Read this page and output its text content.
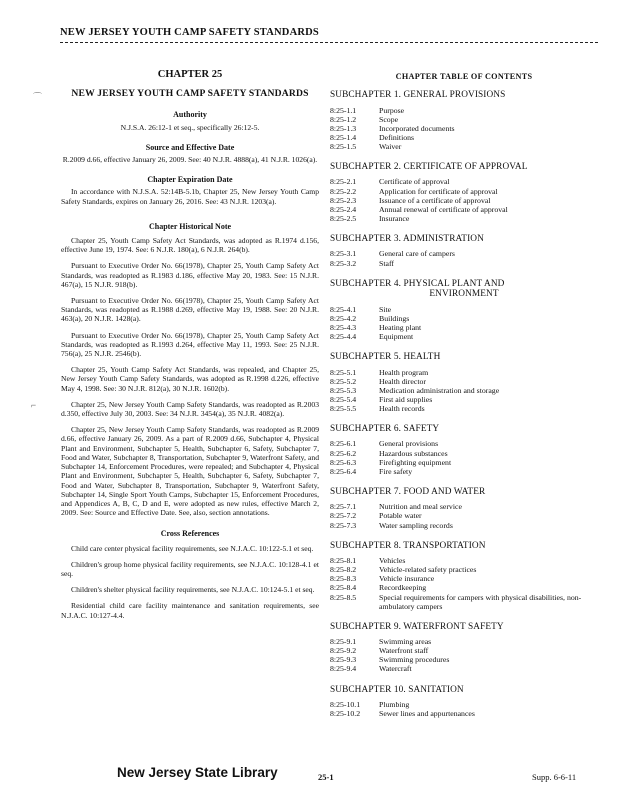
NEW JERSEY YOUTH CAMP SAFETY STANDARDS
⌒
⌐
CHAPTER 25
NEW JERSEY YOUTH CAMP SAFETY STANDARDS
Authority
N.J.S.A. 26:12-1 et seq., specifically 26:12-5.
Source and Effective Date
R.2009 d.66, effective January 26, 2009. See: 40 N.J.R. 4888(a), 41 N.J.R. 1026(a).
Chapter Expiration Date
In accordance with N.J.S.A. 52:14B-5.1b, Chapter 25, New Jersey Youth Camp Safety Standards, expires on January 26, 2016. See: 43 N.J.R. 1203(a).
Chapter Historical Note

Chapter 25, Youth Camp Safety Act Standards, was adopted as R.1974 d.156, effective June 19, 1974. See: 6 N.J.R. 180(a), 6 N.J.R. 264(b).

Pursuant to Executive Order No. 66(1978), Chapter 25, Youth Camp Safety Act Standards, was readopted as R.1983 d.186, effective May 20, 1983. See: 15 N.J.R. 467(a), 15 N.J.R. 918(b).

Pursuant to Executive Order No. 66(1978), Chapter 25, Youth Camp Safety Act Standards, was readopted as R.1988 d.269, effective May 19, 1988. See: 20 N.J.R. 463(a), 20 N.J.R. 1428(a).

Pursuant to Executive Order No. 66(1978), Chapter 25, Youth Camp Safety Act Standards, was readopted as R.1993 d.264, effective May 11, 1993. See: 25 N.J.R. 756(a), 25 N.J.R. 2546(b).

Chapter 25, Youth Camp Safety Act Standards, was repealed, and Chapter 25, New Jersey Youth Camp Safety Standards, was adopted as R.1998 d.226, effective May 4, 1998. See: 30 N.J.R. 812(a), 30 N.J.R. 1602(b).

Chapter 25, New Jersey Youth Camp Safety Standards, was readopted as R.2003 d.350, effective July 30, 2003. See: 34 N.J.R. 3454(a), 35 N.J.R. 4082(a).

Chapter 25, New Jersey Youth Camp Safety Standards, was readopted as R.2009 d.66, effective January 26, 2009. As a part of R.2009 d.66, Subchapter 4, Physical Plant and Environment, Subchapter 5, Health, Subchapter 6, Safety, Subchapter 7, Food and Water, Subchapter 8, Transportation, Subchapter 9, Waterfront Safety, and Subchapter 14, Enforcement Procedures, were repealed; and Subchapter 4, Physical Plant and Environment, Subchapter 5, Health, Subchapter 6, Safety, Subchapter 7, Food and Water, Subchapter 8, Transportation, Subchapter 9, Waterfront Safety, Subchapter 14, Single Sport Youth Camps, Subchapter 15, Enforcement Procedures, and Appendices A, B, C, D and E, were adopted as new rules, effective March 2, 2009. See: Source and Effective Date. See, also, section annotations.

Cross References

Child care center physical facility requirements, see N.J.A.C. 10:122-5.1 et seq.

Children's group home physical facility requirements, see N.J.A.C. 10:128-4.1 et seq.

Children's shelter physical facility requirements, see N.J.A.C. 10:124-5.1 et seq.

Residential child care facility maintenance and sanitation requirements, see N.J.A.C. 10:127-4.4.

CHAPTER TABLE OF CONTENTS
SUBCHAPTER 1. GENERAL PROVISIONS
8:25-1.1	Purpose
8:25-1.2	Scope
8:25-1.3	Incorporated documents
8:25-1.4	Definitions
8:25-1.5	Waiver
SUBCHAPTER 2. CERTIFICATE OF APPROVAL
8:25-2.1	Certificate of approval
8:25-2.2	Application for certificate of approval
8:25-2.3	Issuance of a certificate of approval
8:25-2.4	Annual renewal of certificate of approval
8:25-2.5	Insurance
SUBCHAPTER 3. ADMINISTRATION
8:25-3.1	General care of campers
8:25-3.2	Staff
SUBCHAPTER 4. PHYSICAL PLANT AND
ENVIRONMENT
8:25-4.1	Site
8:25-4.2	Buildings
8:25-4.3	Heating plant
8:25-4.4	Equipment
SUBCHAPTER 5. HEALTH
8:25-5.1	Health program
8:25-5.2	Health director
8:25-5.3	Medication administration and storage
8:25-5.4	First aid supplies
8:25-5.5	Health records
SUBCHAPTER 6. SAFETY
8:25-6.1	General provisions
8:25-6.2	Hazardous substances
8:25-6.3	Firefighting equipment
8:25-6.4	Fire safety
SUBCHAPTER 7. FOOD AND WATER
8:25-7.1	Nutrition and meal service
8:25-7.2	Potable water
8:25-7.3	Water sampling records
SUBCHAPTER 8. TRANSPORTATION
8:25-8.1	Vehicles
8:25-8.2	Vehicle-related safety practices
8:25-8.3	Vehicle insurance
8:25-8.4	Recordkeeping
8:25-8.5	Special requirements for campers with physical disabilities, non-ambulatory campers
SUBCHAPTER 9. WATERFRONT SAFETY
8:25-9.1	Swimming areas
8:25-9.2	Waterfront staff
8:25-9.3	Swimming procedures
8:25-9.4	Watercraft
SUBCHAPTER 10. SANITATION
8:25-10.1	Plumbing
8:25-10.2	Sewer lines and appurtenances
New Jersey State Library	25-1	Supp. 6-6-11
